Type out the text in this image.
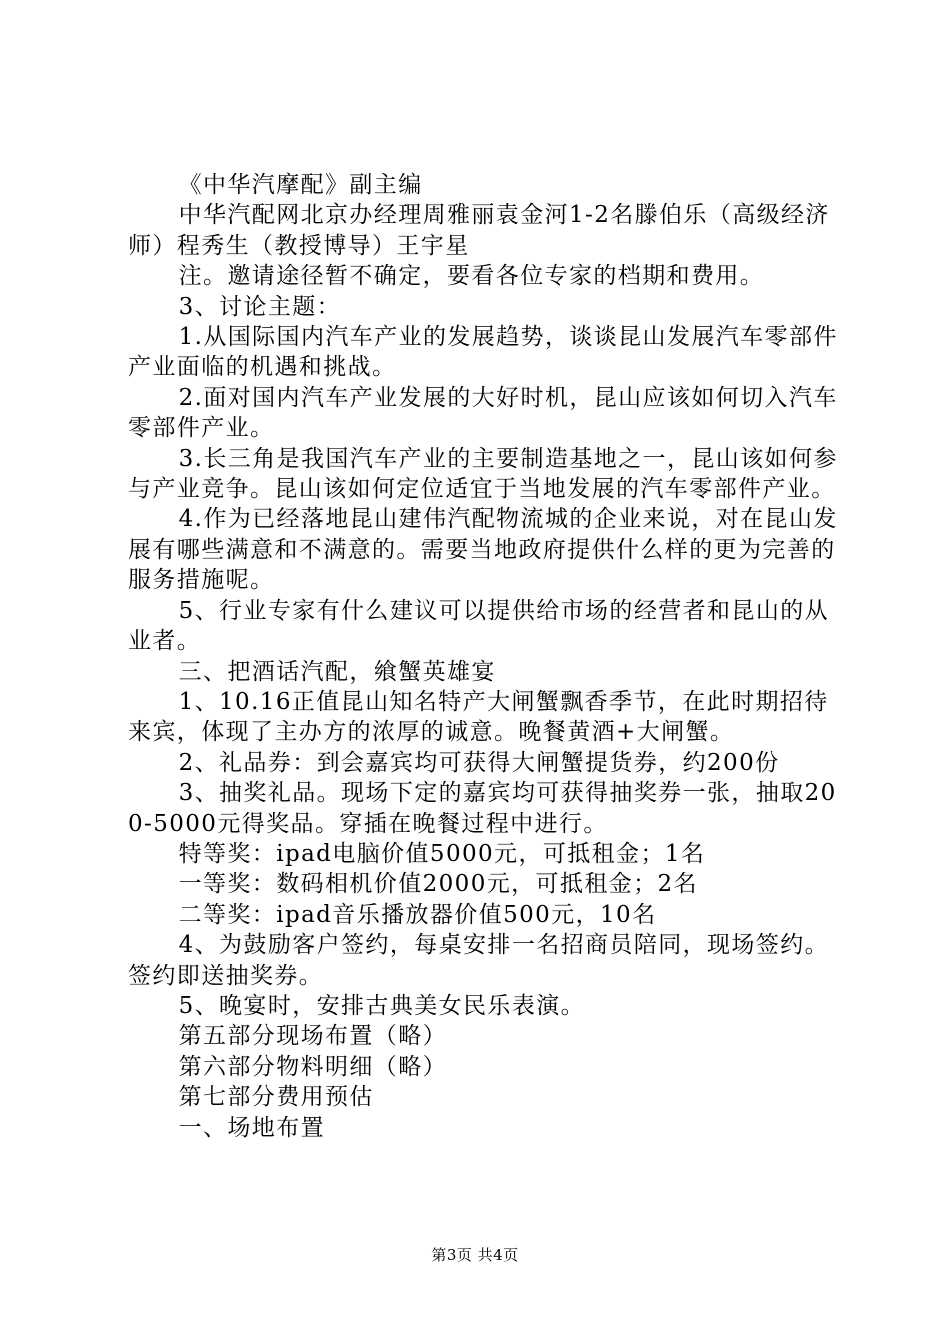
《中华汽摩配》副主编

中华汽配网北京办经理周雅丽袁金河1-2名滕伯乐（高级经济师）程秀生（教授博导）王宇星

注。邀请途径暂不确定，要看各位专家的档期和费用。

3、讨论主题：

1.从国际国内汽车产业的发展趋势，谈谈昆山发展汽车零部件产业面临的机遇和挑战。

2.面对国内汽车产业发展的大好时机，昆山应该如何切入汽车零部件产业。

3.长三角是我国汽车产业的主要制造基地之一，昆山该如何参与产业竞争。昆山该如何定位适宜于当地发展的汽车零部件产业。

4.作为已经落地昆山建伟汽配物流城的企业来说，对在昆山发展有哪些满意和不满意的。需要当地政府提供什么样的更为完善的服务措施呢。

5、行业专家有什么建议可以提供给市场的经营者和昆山的从业者。

三、把酒话汽配，飨蟹英雄宴

1、10.16正值昆山知名特产大闸蟹飘香季节，在此时期招待来宾，体现了主办方的浓厚的诚意。晚餐黄酒+大闸蟹。

2、礼品券：到会嘉宾均可获得大闸蟹提货券，约200份

3、抽奖礼品。现场下定的嘉宾均可获得抽奖券一张，抽取200-5000元得奖品。穿插在晚餐过程中进行。

特等奖：ipad电脑价值5000元，可抵租金；1名

一等奖：数码相机价值2000元，可抵租金；2名

二等奖：ipad音乐播放器价值500元，10名

4、为鼓励客户签约，每桌安排一名招商员陪同，现场签约。签约即送抽奖券。

5、晚宴时，安排古典美女民乐表演。

第五部分现场布置（略）

第六部分物料明细（略）

第七部分费用预估

一、场地布置

第3页 共4页
